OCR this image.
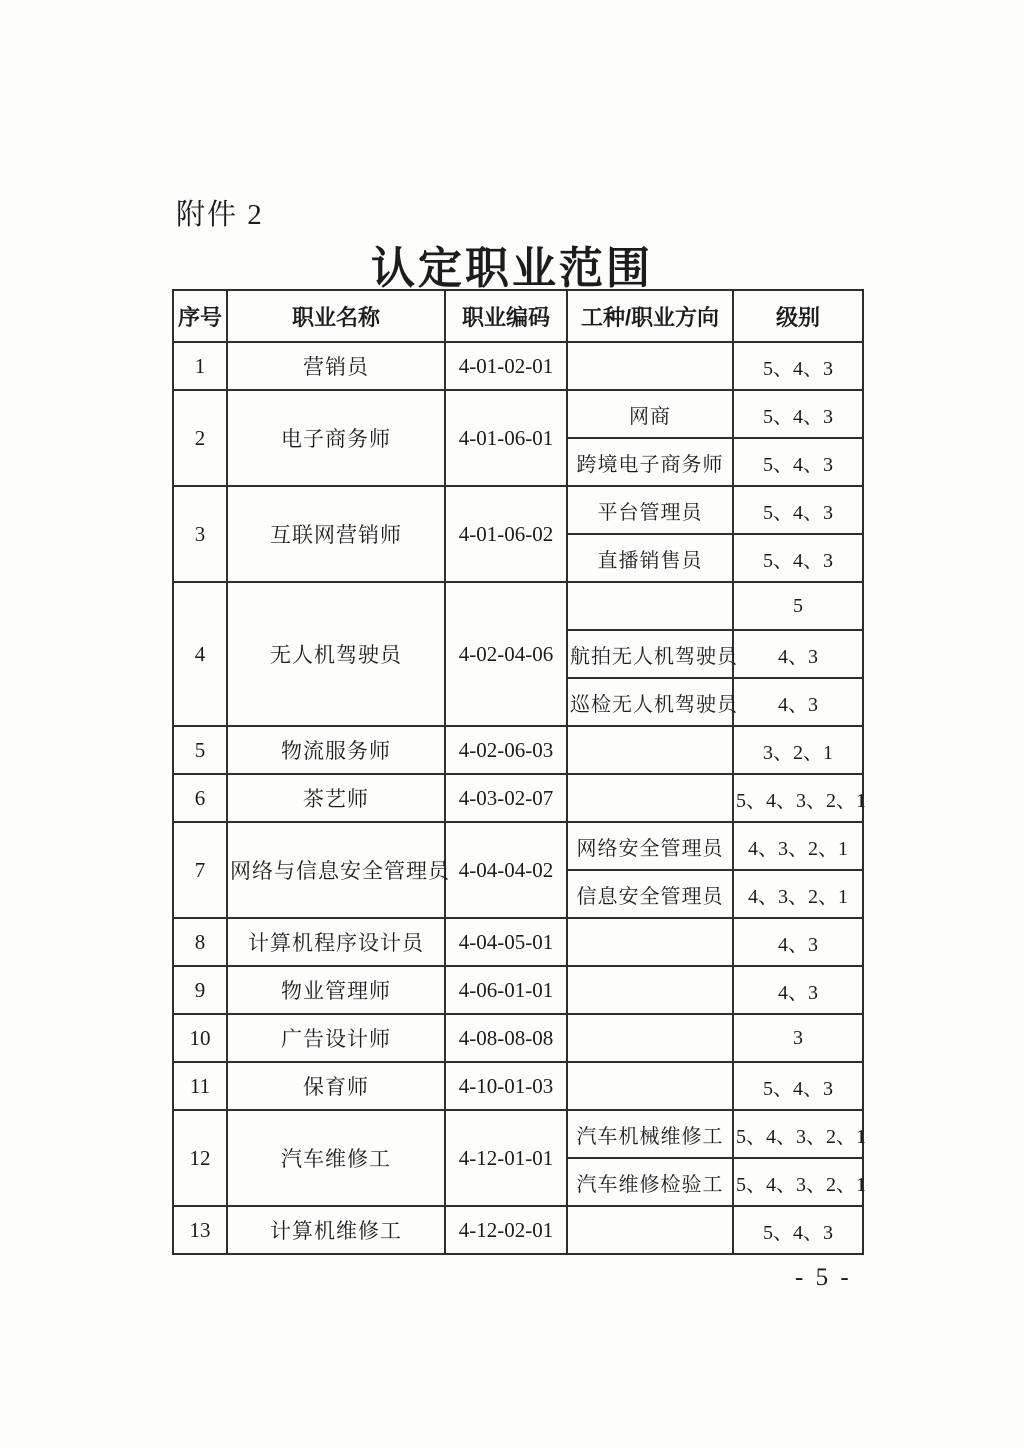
附件 2
认定职业范围
序号	职业名称	职业编码	工种/职业方向	级别
1	营销员	4-01-02-01		5、4、3
2	电子商务师	4-01-06-01	网商	5、4、3
			跨境电子商务师	5、4、3
3	互联网营销师	4-01-06-02	平台管理员	5、4、3
			直播销售员	5、4、3
4	无人机驾驶员	4-02-04-06		5
			航拍无人机驾驶员	4、3
			巡检无人机驾驶员	4、3
5	物流服务师	4-02-06-03		3、2、1
6	茶艺师	4-03-02-07		5、4、3、2、1
7	网络与信息安全管理员	4-04-04-02	网络安全管理员	4、3、2、1
			信息安全管理员	4、3、2、1
8	计算机程序设计员	4-04-05-01		4、3
9	物业管理师	4-06-01-01		4、3
10	广告设计师	4-08-08-08		3
11	保育师	4-10-01-03		5、4、3
12	汽车维修工	4-12-01-01	汽车机械维修工	5、4、3、2、1
			汽车维修检验工	5、4、3、2、1
13	计算机维修工	4-12-02-01		5、4、3
- 5 -
